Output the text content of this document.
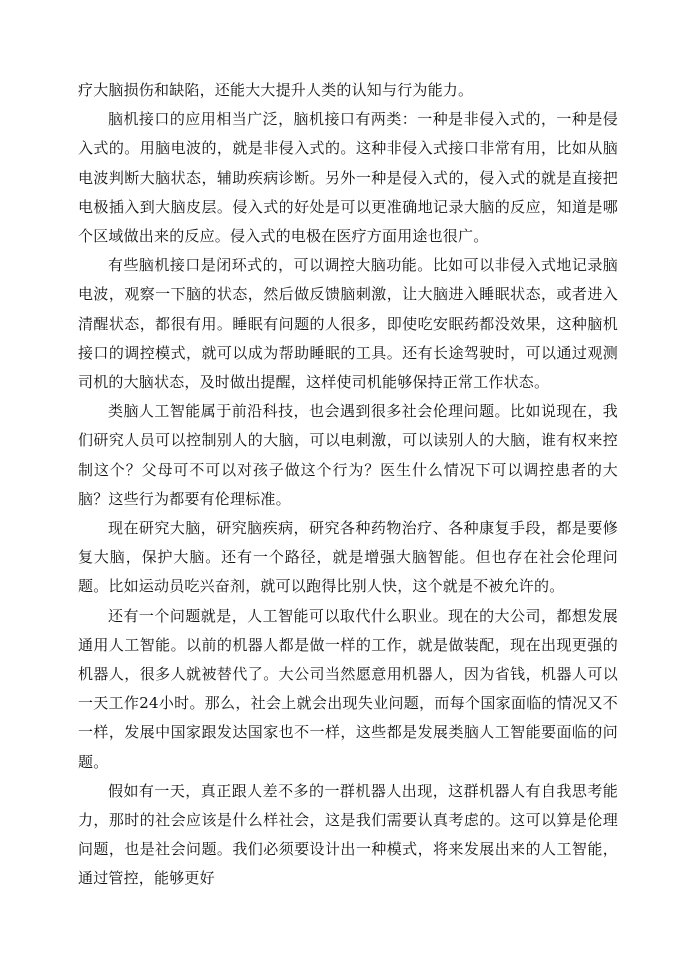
疗大脑损伤和缺陷，还能大大提升人类的认知与行为能力。

脑机接口的应用相当广泛，脑机接口有两类：一种是非侵入式的，一种是侵入式的。用脑电波的，就是非侵入式的。这种非侵入式接口非常有用，比如从脑电波判断大脑状态，辅助疾病诊断。另外一种是侵入式的，侵入式的就是直接把电极插入到大脑皮层。侵入式的好处是可以更准确地记录大脑的反应，知道是哪个区域做出来的反应。侵入式的电极在医疗方面用途也很广。

有些脑机接口是闭环式的，可以调控大脑功能。比如可以非侵入式地记录脑电波，观察一下脑的状态，然后做反馈脑刺激，让大脑进入睡眠状态，或者进入清醒状态，都很有用。睡眠有问题的人很多，即使吃安眠药都没效果，这种脑机接口的调控模式，就可以成为帮助睡眠的工具。还有长途驾驶时，可以通过观测司机的大脑状态，及时做出提醒，这样使司机能够保持正常工作状态。

类脑人工智能属于前沿科技，也会遇到很多社会伦理问题。比如说现在，我们研究人员可以控制别人的大脑，可以电刺激，可以读别人的大脑，谁有权来控制这个？父母可不可以对孩子做这个行为？医生什么情况下可以调控患者的大脑？这些行为都要有伦理标准。

现在研究大脑，研究脑疾病，研究各种药物治疗、各种康复手段，都是要修复大脑，保护大脑。还有一个路径，就是增强大脑智能。但也存在社会伦理问题。比如运动员吃兴奋剂，就可以跑得比别人快，这个就是不被允许的。

还有一个问题就是，人工智能可以取代什么职业。现在的大公司，都想发展通用人工智能。以前的机器人都是做一样的工作，就是做装配，现在出现更强的机器人，很多人就被替代了。大公司当然愿意用机器人，因为省钱，机器人可以一天工作24小时。那么，社会上就会出现失业问题，而每个国家面临的情况又不一样，发展中国家跟发达国家也不一样，这些都是发展类脑人工智能要面临的问题。

假如有一天，真正跟人差不多的一群机器人出现，这群机器人有自我思考能力，那时的社会应该是什么样社会，这是我们需要认真考虑的。这可以算是伦理问题，也是社会问题。我们必须要设计出一种模式，将来发展出来的人工智能，通过管控，能够更好
